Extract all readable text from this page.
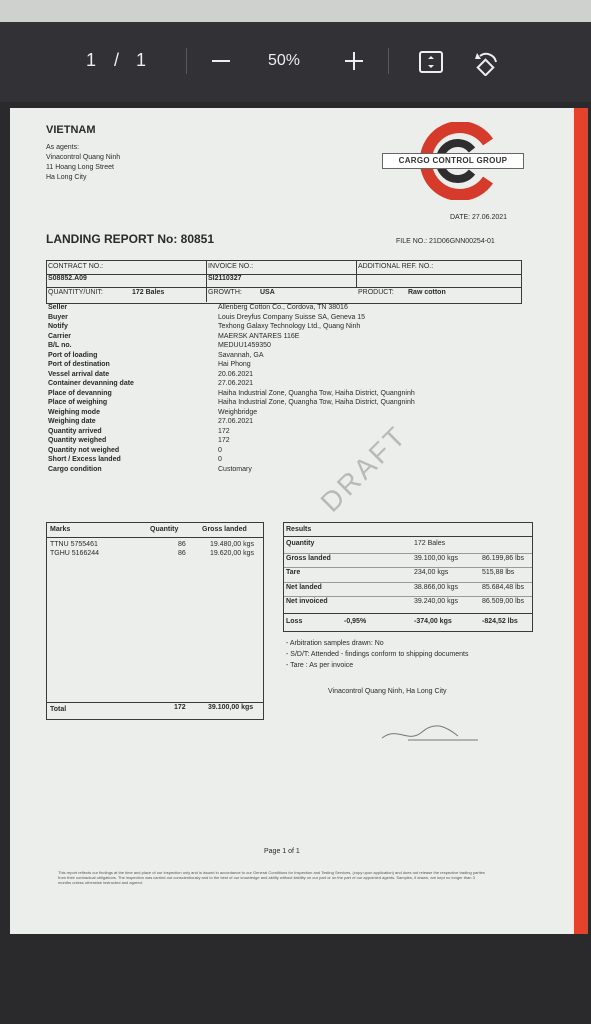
1 / 1	50%
VIETNAM
As agents:
Vinacontrol Quang Ninh
11 Hoang Long Street
Ha Long City
CARGO CONTROL GROUP
DATE: 27.06.2021
LANDING REPORT No: 80851	FILE NO.: 21D06GNN00254-01
CONTRACT NO.:
S08852.A09
INVOICE NO.:
SI2110327
ADDITIONAL REF. NO.:
QUANTITY/UNIT:	172 Bales	GROWTH:	USA	PRODUCT: Raw cotton
Seller	Allenberg Cotton Co., Cordova, TN 38016
Buyer	Louis Dreyfus Company Suisse SA, Geneva 15
Notify	Texhong Galaxy Technology Ltd., Quang Ninh
Carrier	MAERSK ANTARES 116E
B/L no.	MEDUU1459350
Port of loading	Savannah, GA
Port of destination	Hai Phong
Vessel arrival date	20.06.2021
Container devanning date	27.06.2021
Place of devanning	Haiha Industrial Zone, Quangha Tow, Haiha District, Quangninh
Place of weighing	Haiha Industrial Zone, Quangha Tow, Haiha District, Quangninh
Weighing mode	Weighbridge
Weighing date	27.06.2021
Quantity arrived	172
Quantity weighed	172
Quantity not weighed	0
Short / Excess landed	0
Cargo condition	Customary DRAFT
Marks	Quantity	Gross landed
TTNU 5755461	86	19.480,00 kgs
TGHU 5166244	86	19.620,00 kgs
Total	172	39.100,00 kgs
Results
Quantity	172 Bales
Gross landed	39.100,00 kgs	86.199,86 lbs
Tare	234,00 kgs	515,88 lbs
Net landed	38.866,00 kgs	85.684,48 lbs
Net invoiced	39.240,00 kgs	86.509,00 lbs
Loss	-0,95%	-374,00 kgs	-824,52 lbs
- Arbitration samples drawn: No
- S/D/T: Attended - findings conform to shipping documents
- Tare : As per invoice
Vinacontrol Quang Ninh, Ha Long City
Page 1 of 1
This report reflects our findings at the time and place of our inspection only and is issued in accordance to our General Conditions for Inspection and Testing Services, (copy upon application) and does not release the respective trading parties from their contractual obligations. The inspection was carried out conscientiously and to the best of our knowledge and ability without liability on our part or on the part of our appointed agents. Samples, if drawn, are kept no longer than 3 months unless otherwise instructed and agreed.
